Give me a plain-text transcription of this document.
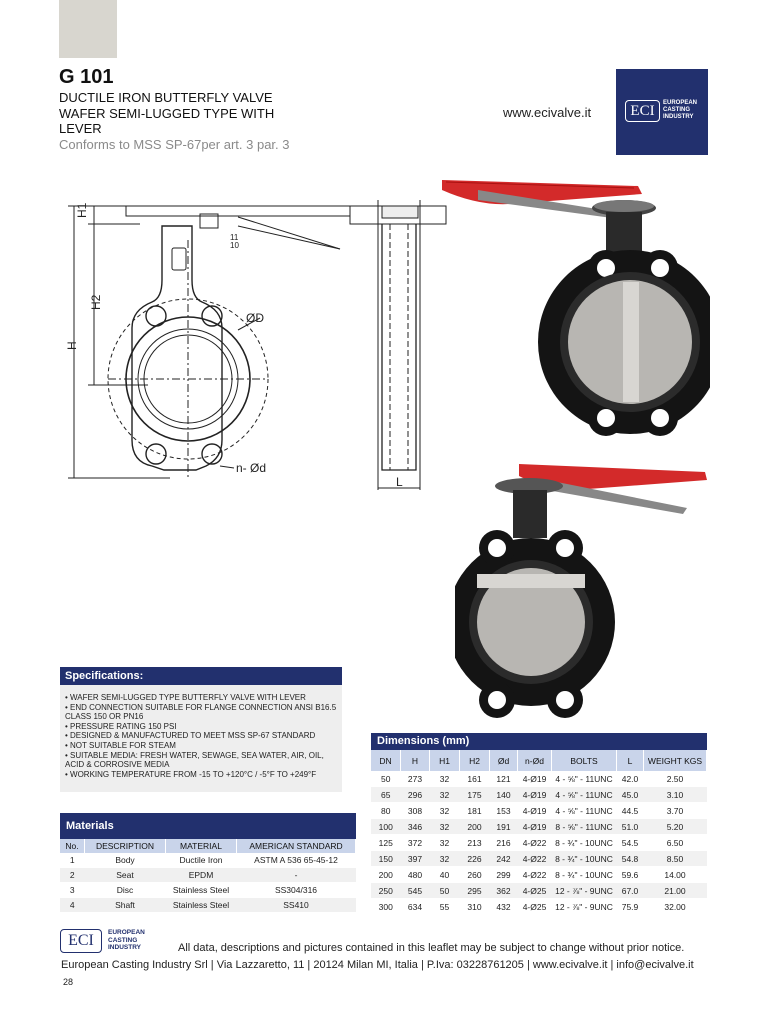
G 101
DUCTILE IRON BUTTERFLY VALVE
WAFER SEMI-LUGGED TYPE WITH
LEVER
Conforms to MSS SP-67per art. 3 par. 3
www.ecivalve.it	ECI	EUROPEAN
CASTING
INDUSTRY
H1
H2
H
ØD
n- Ød
L
11
10
Specifications:
• WAFER SEMI-LUGGED TYPE BUTTERFLY VALVE WITH LEVER
• END CONNECTION SUITABLE FOR FLANGE CONNECTION ANSI B16.5 CLASS 150 OR PN16
• PRESSURE RATING 150 PSI
• DESIGNED & MANUFACTURED TO MEET MSS SP-67 STANDARD
• NOT SUITABLE FOR STEAM
• SUITABLE MEDIA: FRESH WATER, SEWAGE, SEA WATER, AIR, OIL, ACID & CORROSIVE MEDIA
• WORKING TEMPERATURE FROM -15 TO +120°C / -5°F TO +249°F
Materials
No.	DESCRIPTION	MATERIAL	AMERICAN STANDARD
1	Body	Ductile Iron	ASTM A 536 65-45-12
2	Seat	EPDM	-
3	Disc	Stainless Steel	SS304/316
4	Shaft	Stainless Steel	SS410
Dimensions (mm)
DN	H	H1	H2	Ød	n-Ød	BOLTS	L	WEIGHT KGS
50	273	32	161	121	4-Ø19	4 - ⅝" - 11UNC	42.0	2.50
65	296	32	175	140	4-Ø19	4 - ⅝" - 11UNC	45.0	3.10
80	308	32	181	153	4-Ø19	4 - ⅝" - 11UNC	44.5	3.70
100	346	32	200	191	4-Ø19	8 - ⅝" - 11UNC	51.0	5.20
125	372	32	213	216	4-Ø22	8 - ¾" - 10UNC	54.5	6.50
150	397	32	226	242	4-Ø22	8 - ¾" - 10UNC	54.8	8.50
200	480	40	260	299	4-Ø22	8 - ¾" - 10UNC	59.6	14.00
250	545	50	295	362	4-Ø25	12 - ⅞" - 9UNC	67.0	21.00
300	634	55	310	432	4-Ø25	12 - ⅞" - 9UNC	75.9	32.00
ECI	EUROPEAN
CASTING
INDUSTRY	All data, descriptions and pictures contained in this leaflet may be subject to change without prior notice.
European Casting Industry Srl | Via Lazzaretto, 11 | 20124 Milan MI, Italia | P.Iva: 03228761205 | www.ecivalve.it | info@ecivalve.it
28
